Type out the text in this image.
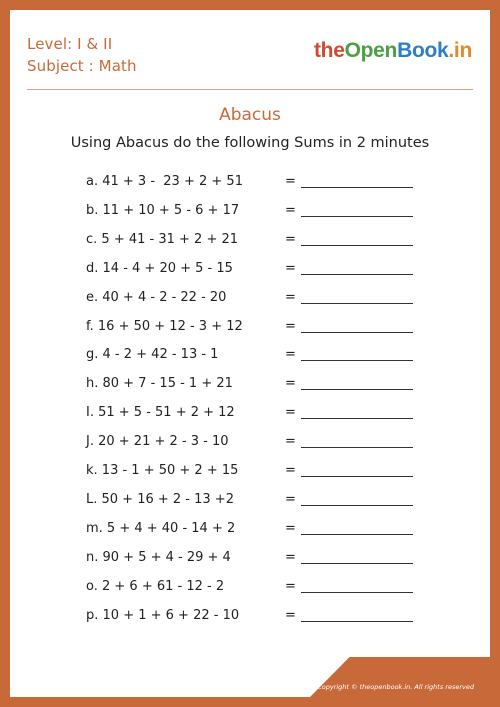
Level: I & II
Subject : Math
theOpenBook.in
Abacus
Using Abacus do the following Sums in 2 minutes
a. 41 + 3 -  23 + 2 + 51	=
b. 11 + 10 + 5 - 6 + 17	=
c. 5 + 41 - 31 + 2 + 21	=
d. 14 - 4 + 20 + 5 - 15	=
e. 40 + 4 - 2 - 22 - 20	=
f. 16 + 50 + 12 - 3 + 12	=
g. 4 - 2 + 42 - 13 - 1	=
h. 80 + 7 - 15 - 1 + 21	=
I. 51 + 5 - 51 + 2 + 12	=
J. 20 + 21 + 2 - 3 - 10	=
k. 13 - 1 + 50 + 2 + 15	=
L. 50 + 16 + 2 - 13 +2	=
m. 5 + 4 + 40 - 14 + 2	=
n. 90 + 5 + 4 - 29 + 4	=
o. 2 + 6 + 61 - 12 - 2	=
p. 10 + 1 + 6 + 22 - 10	=
Copyright © theopenbook.in. All rights reserved
